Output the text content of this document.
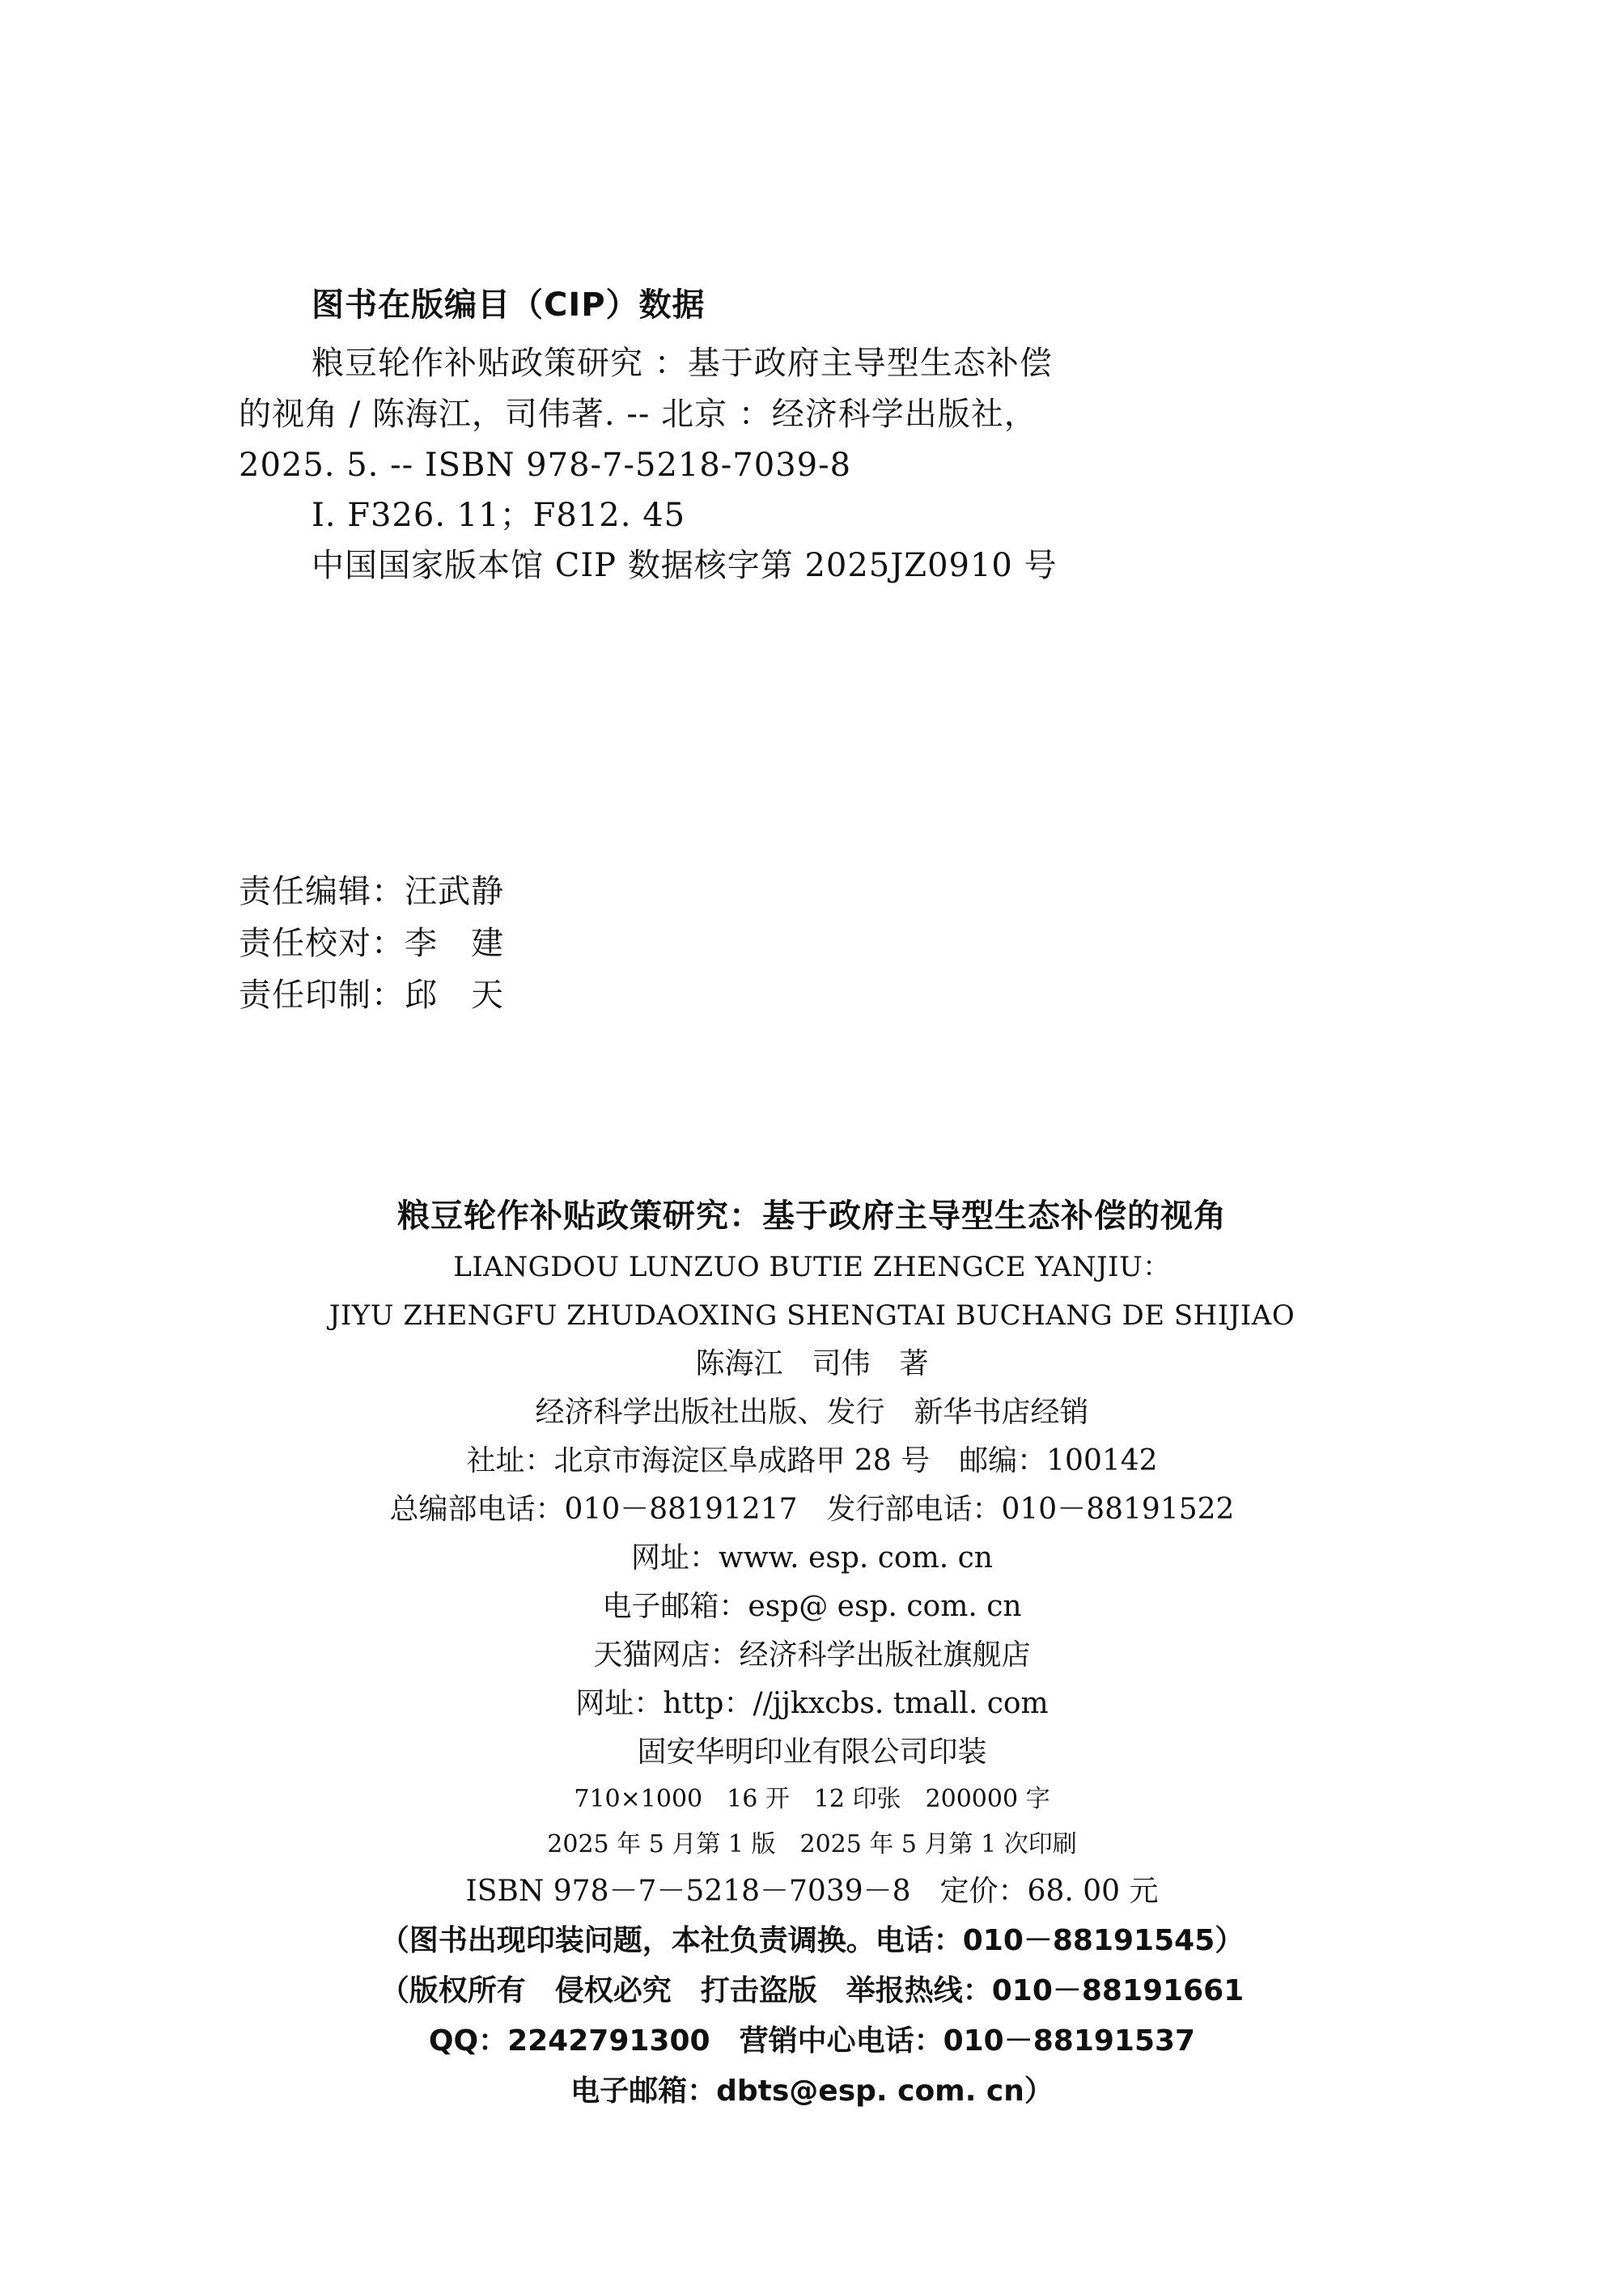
图书在版编目（CIP）数据
粮豆轮作补贴政策研究 ：基于政府主导型生态补偿
的视角 / 陈海江，司伟著. -- 北京 ：经济科学出版社，
2025. 5. -- ISBN 978-7-5218-7039-8
Ⅰ. F326. 11；F812. 45
中国国家版本馆 CIP 数据核字第 2025JZ0910 号
责任编辑：汪武静
责任校对：李　建
责任印制：邱　天
粮豆轮作补贴政策研究：基于政府主导型生态补偿的视角
LIANGDOU LUNZUO BUTIE ZHENGCE YANJIU：
JIYU ZHENGFU ZHUDAOXING SHENGTAI BUCHANG DE SHIJIAO
陈海江　司伟　著
经济科学出版社出版、发行　新华书店经销
社址：北京市海淀区阜成路甲 28 号　邮编：100142
总编部电话：010－88191217　发行部电话：010－88191522
网址：www. esp. com. cn
电子邮箱：esp@ esp. com. cn
天猫网店：经济科学出版社旗舰店
网址：http：//jjkxcbs. tmall. com
固安华明印业有限公司印装
710×1000　16 开　12 印张　200000 字
2025 年 5 月第 1 版　2025 年 5 月第 1 次印刷
ISBN 978－7－5218－7039－8　定价：68. 00 元
（图书出现印装问题，本社负责调换。电话：010－88191545）
（版权所有　侵权必究　打击盗版　举报热线：010－88191661
QQ：2242791300　营销中心电话：010－88191537
电子邮箱：dbts@esp. com. cn）
